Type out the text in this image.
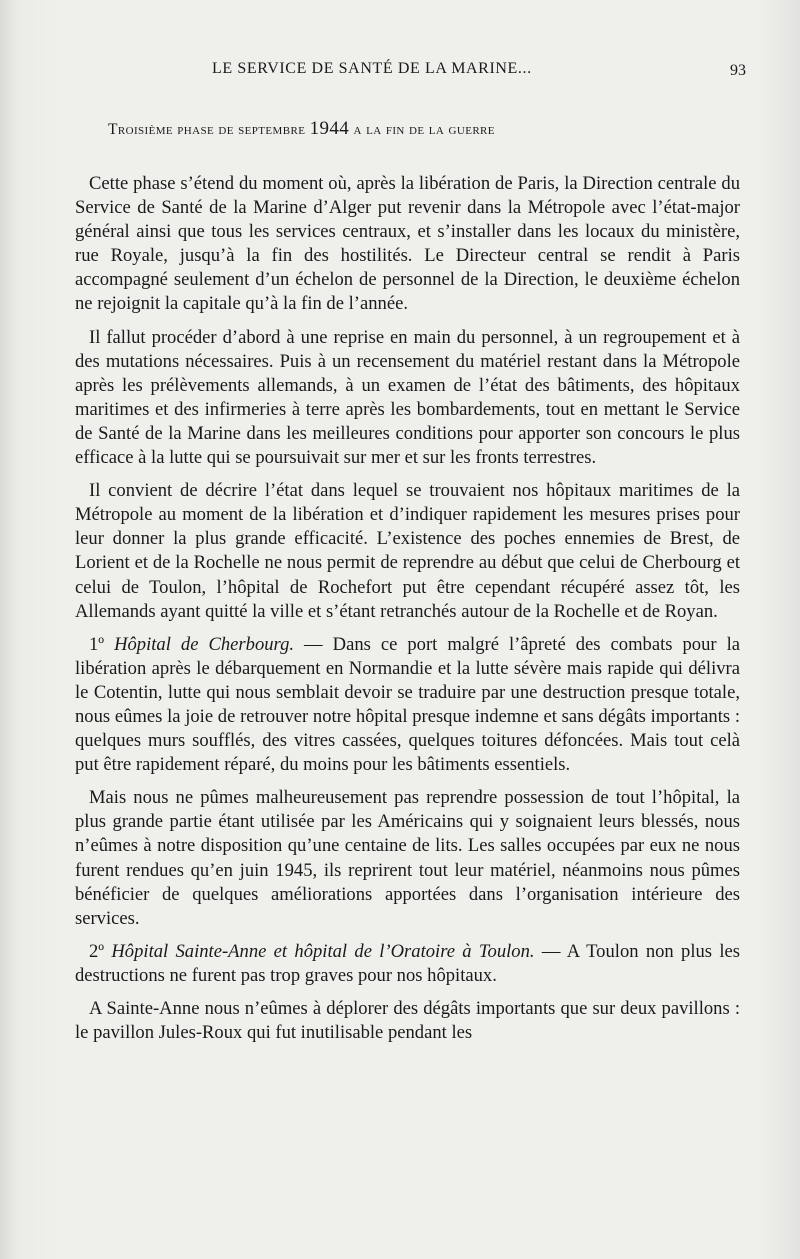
LE SERVICE DE SANTÉ DE LA MARINE...	93
Troisième phase de septembre 1944 a la fin de la guerre

Cette phase s’étend du moment où, après la libération de Paris, la Direction centrale du Service de Santé de la Marine d’Alger put revenir dans la Métropole avec l’état-major général ainsi que tous les services centraux, et s’installer dans les locaux du ministère, rue Royale, jusqu’à la fin des hostilités. Le Directeur central se rendit à Paris accompagné seulement d’un échelon de personnel de la Direction, le deuxième échelon ne rejoignit la capitale qu’à la fin de l’année.

Il fallut procéder d’abord à une reprise en main du personnel, à un regroupement et à des mutations nécessaires. Puis à un recensement du matériel restant dans la Métropole après les prélèvements allemands, à un examen de l’état des bâtiments, des hôpitaux maritimes et des infirmeries à terre après les bombardements, tout en mettant le Service de Santé de la Marine dans les meilleures conditions pour apporter son concours le plus efficace à la lutte qui se poursuivait sur mer et sur les fronts terrestres.

Il convient de décrire l’état dans lequel se trouvaient nos hôpitaux maritimes de la Métropole au moment de la libération et d’indiquer rapidement les mesures prises pour leur donner la plus grande efficacité. L’existence des poches ennemies de Brest, de Lorient et de la Rochelle ne nous permit de reprendre au début que celui de Cherbourg et celui de Toulon, l’hôpital de Rochefort put être cependant récupéré assez tôt, les Allemands ayant quitté la ville et s’étant retranchés autour de la Rochelle et de Royan.

1º Hôpital de Cherbourg. — Dans ce port malgré l’âpreté des combats pour la libération après le débarquement en Normandie et la lutte sévère mais rapide qui délivra le Cotentin, lutte qui nous semblait devoir se traduire par une destruction presque totale, nous eûmes la joie de retrouver notre hôpital presque indemne et sans dégâts importants : quelques murs soufflés, des vitres cassées, quelques toitures défoncées. Mais tout celà put être rapidement réparé, du moins pour les bâtiments essentiels.

Mais nous ne pûmes malheureusement pas reprendre possession de tout l’hôpital, la plus grande partie étant utilisée par les Américains qui y soignaient leurs blessés, nous n’eûmes à notre disposition qu’une centaine de lits. Les salles occupées par eux ne nous furent rendues qu’en juin 1945, ils reprirent tout leur matériel, néanmoins nous pûmes bénéficier de quelques améliorations apportées dans l’organisation intérieure des services.

2º Hôpital Sainte-Anne et hôpital de l’Oratoire à Toulon. — A Toulon non plus les destructions ne furent pas trop graves pour nos hôpitaux.

A Sainte-Anne nous n’eûmes à déplorer des dégâts importants que sur deux pavillons : le pavillon Jules-Roux qui fut inutilisable pendant les
